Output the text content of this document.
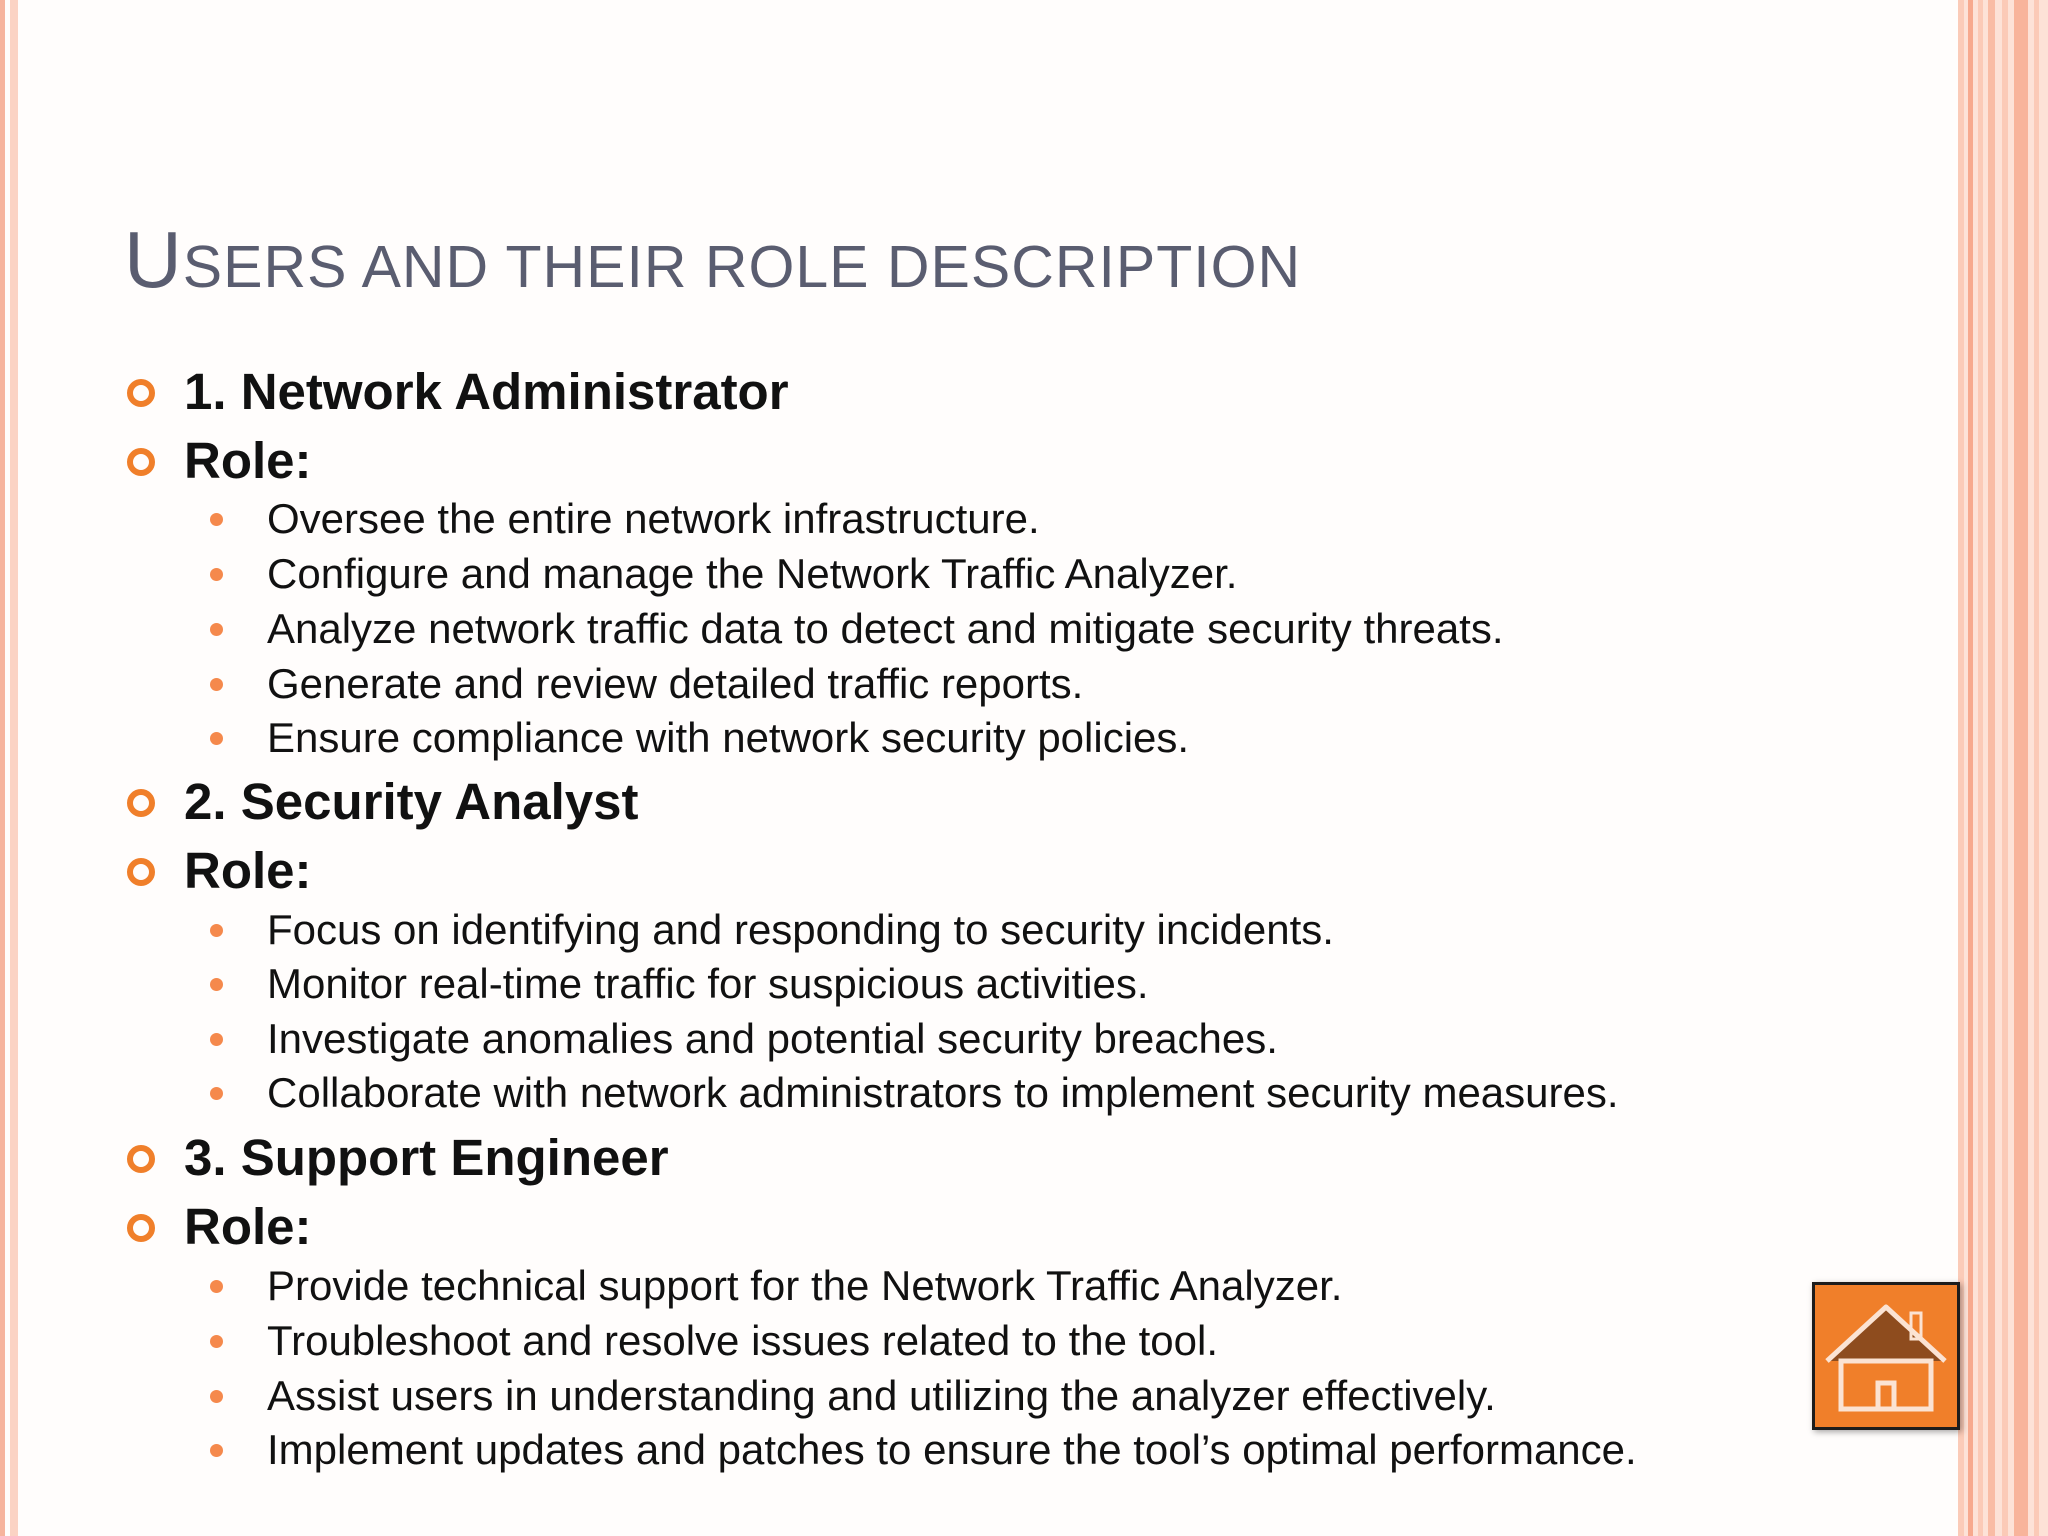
USERS AND THEIR ROLE DESCRIPTION
1. Network Administrator
Role:
Oversee the entire network infrastructure.
Configure and manage the Network Traffic Analyzer.
Analyze network traffic data to detect and mitigate security threats.
Generate and review detailed traffic reports.
Ensure compliance with network security policies.
2. Security Analyst
Role:
Focus on identifying and responding to security incidents.
Monitor real-time traffic for suspicious activities.
Investigate anomalies and potential security breaches.
Collaborate with network administrators to implement security measures.
3. Support Engineer
Role:
Provide technical support for the Network Traffic Analyzer.
Troubleshoot and resolve issues related to the tool.
Assist users in understanding and utilizing the analyzer effectively.
Implement updates and patches to ensure the tool’s optimal performance.
